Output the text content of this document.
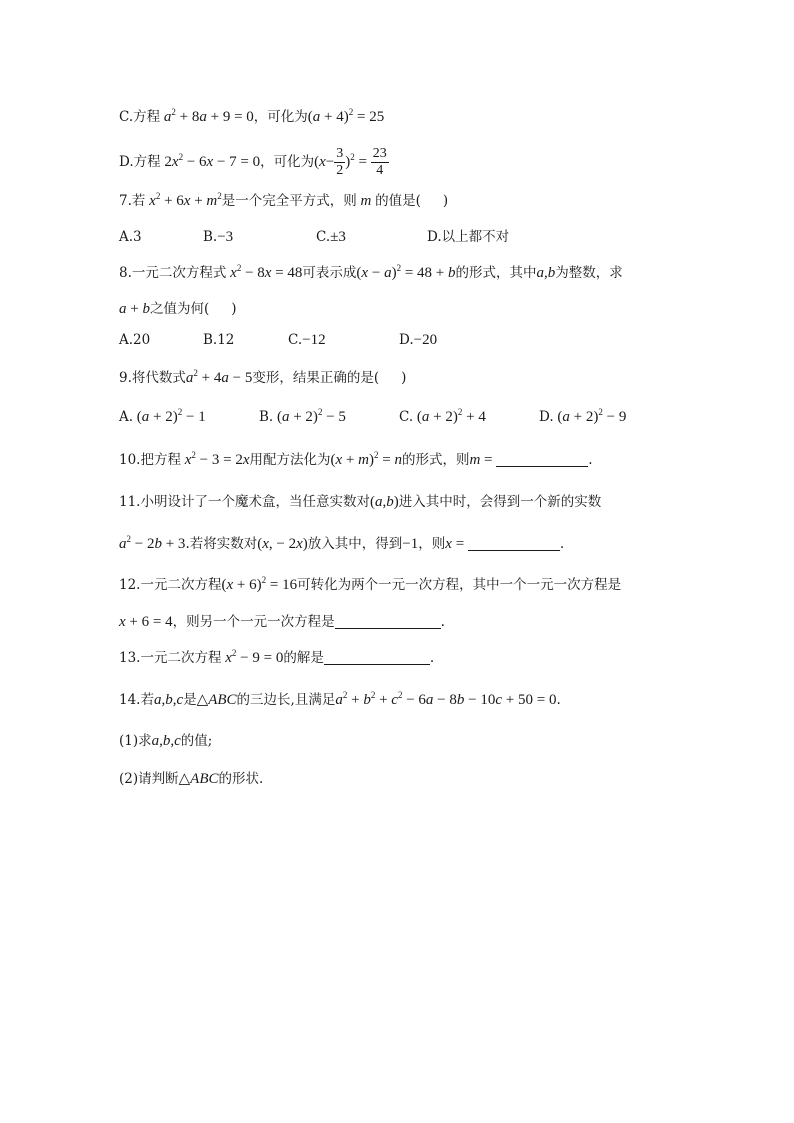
C.方程 $a^2 + 8a + 9 = 0$，可化为$(a + 4)^2 = 25$
D.方程 $2x^2 - 6x - 7 = 0$，可化为$(x- \frac{3}{2} )^2 = \frac{23}{4}$
7.若 $x^2 + 6x + m^2$是一个完全平方式，则 m 的值是( )
A.3	B.−3	C.±3	D.以上都不对
8.一元二次方程式 $x^2 - 8x = 48$可表示成$(x - a)^2 = 48 + b$的形式，其中a,b为整数，求
a + b之值为何( )
A.20	B.12	C.−12	D.−20
9.将代数式$a^2 + 4a - 5$变形，结果正确的是( )
A. $(a + 2)^2 - 1$	B. $(a + 2)^2 - 5$	C. $(a + 2)^2 + 4$	D. $(a + 2)^2 - 9$
10.把方程 $x^2 - 3 = 2x$用配方法化为$(x + m)^2 = n$的形式，则m =	.
11.小明设计了一个魔术盒，当任意实数对(a,b)进入其中时，会得到一个新的实数
$a^2 - 2b + 3$.若将实数对(x, − 2x)放入其中，得到−1，则x =	.
12.一元二次方程$(x + 6)^2 = 16$可转化为两个一元一次方程，其中一个一元一次方程是
x + 6 = 4，则另一个一元一次方程是	.
13.一元二次方程 $x^2 - 9 = 0$的解是	.
14.若a,b,c是△ABC的三边长,且满足$a^2 + b^2 + c^2 - 6a - 8b - 10c + 50 = 0$.
(1)求a,b,c的值;
(2)请判断△ABC的形状.
